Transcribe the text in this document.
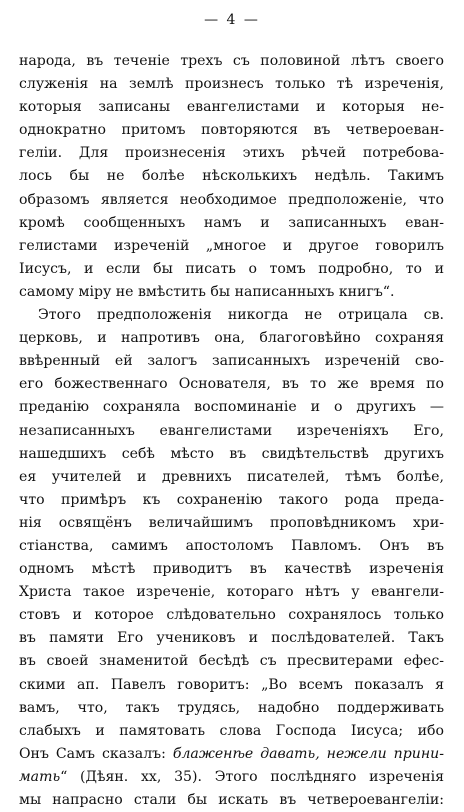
— 4 —
народа, въ теченіе трехъ съ половиной лѣтъ своего
служенія на землѣ произнесъ только тѣ изреченія,
которыя записаны евангелистами и которыя не-
однократно притомъ повторяются въ четвероеван-
геліи. Для произнесенія этихъ рѣчей потребова-
лось бы не болѣе нѣсколькихъ недѣль. Такимъ
образомъ является необходимое предположеніе, что
кромѣ сообщенныхъ намъ и записанныхъ еван-
гелистами изреченій „многое и другое говорилъ
Іисусъ, и если бы писать о томъ подробно, то и
самому міру не вмѣстить бы написанныхъ книгъ“.
Этого предположенія никогда не отрицала св.
церковь, и напротивъ она, благоговѣйно сохраняя
ввѣренный ей залогъ записанныхъ изреченій сво-
его божественнаго Основателя, въ то же время по
преданію сохраняла воспоминаніе и о другихъ —
незаписанныхъ евангелистами изреченіяхъ Его,
нашедшихъ себѣ мѣсто въ свидѣтельствѣ другихъ
ея учителей и древнихъ писателей, тѣмъ болѣе,
что примѣръ къ сохраненію такого рода преда-
нія освящёнъ величайшимъ проповѣдникомъ хри-
стіанства, самимъ апостоломъ Павломъ. Онъ въ
одномъ мѣстѣ приводитъ въ качествѣ изреченія
Христа такое изреченіе, котораго нѣтъ у евангели-
стовъ и которое слѣдовательно сохранялось только
въ памяти Его учениковъ и послѣдователей. Такъ
въ своей знаменитой бесѣдѣ съ пресвитерами ефес-
скими ап. Павелъ говоритъ: „Во всемъ показалъ я
вамъ, что, такъ трудясь, надобно поддерживать
слабыхъ и памятовать слова Господа Іисуса; ибо
Онъ Самъ сказалъ: блаженѣе давать, нежели прини-
мать“ (Дѣян. xx, 35). Этого послѣдняго изреченія
мы напрасно стали бы искать въ четвероевангеліи:
